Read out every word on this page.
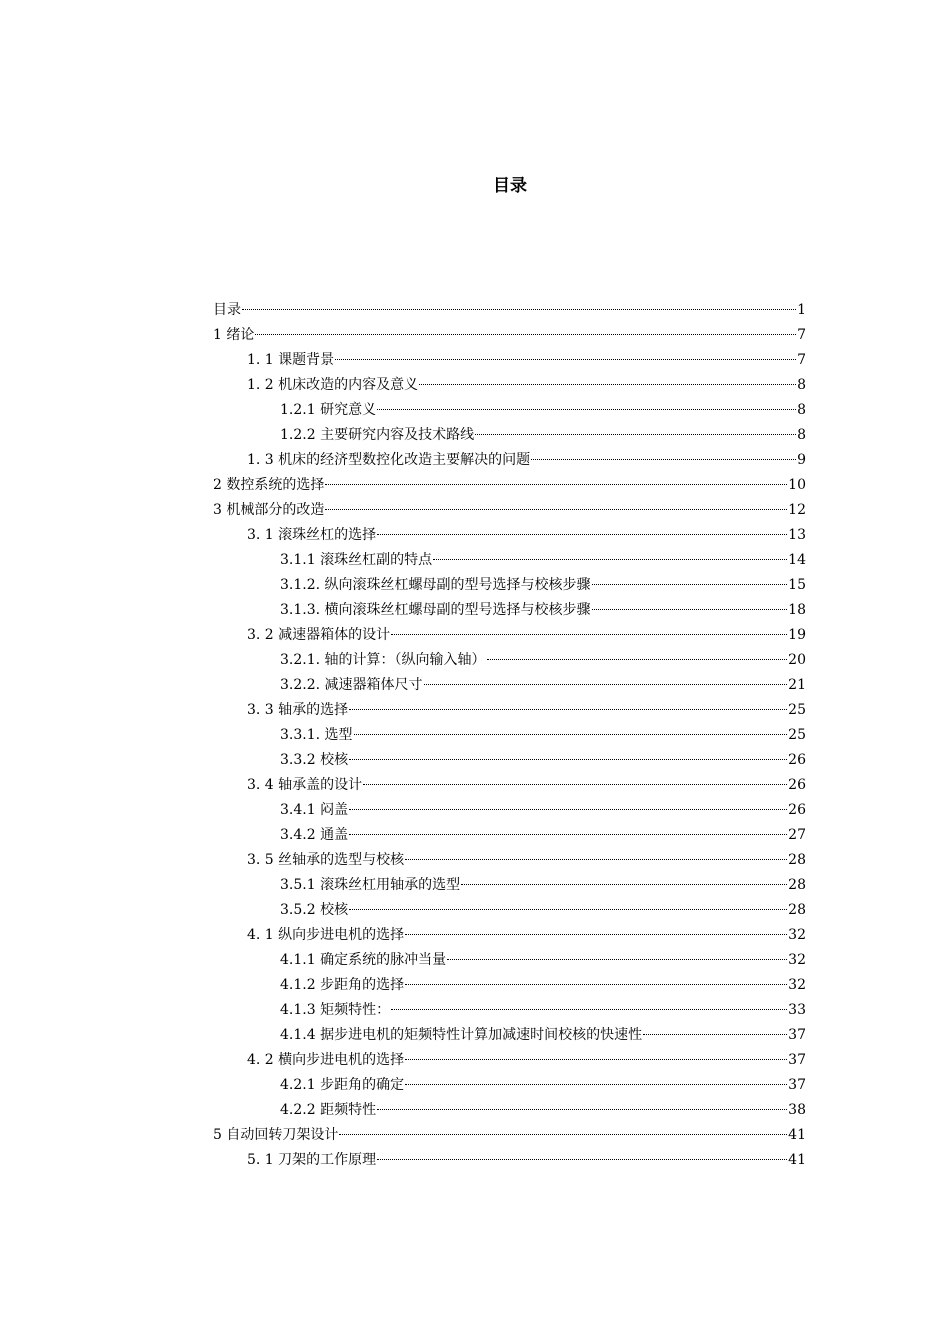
目录
目录	1
1 绪论	7
1. 1 课题背景	7
1. 2 机床改造的内容及意义	8
1.2.1 研究意义	8
1.2.2 主要研究内容及技术路线	8
1. 3 机床的经济型数控化改造主要解决的问题	9
2 数控系统的选择	10
3 机械部分的改造	12
3. 1 滚珠丝杠的选择	13
3.1.1 滚珠丝杠副的特点	14
3.1.2. 纵向滚珠丝杠螺母副的型号选择与校核步骤	15
3.1.3. 横向滚珠丝杠螺母副的型号选择与校核步骤	18
3. 2 减速器箱体的设计	19
3.2.1. 轴的计算：（纵向输入轴）	20
3.2.2. 减速器箱体尺寸	21
3. 3 轴承的选择	25
3.3.1. 选型	25
3.3.2 校核	26
3. 4 轴承盖的设计	26
3.4.1 闷盖	26
3.4.2 通盖	27
3. 5 丝轴承的选型与校核	28
3.5.1 滚珠丝杠用轴承的选型	28
3.5.2 校核	28
4. 1 纵向步进电机的选择	32
4.1.1 确定系统的脉冲当量	32
4.1.2 步距角的选择	32
4.1.3 矩频特性：	33
4.1.4 据步进电机的矩频特性计算加减速时间校核的快速性	37
4. 2 横向步进电机的选择	37
4.2.1 步距角的确定	37
4.2.2 距频特性	38
5 自动回转刀架设计	41
5. 1 刀架的工作原理	41
